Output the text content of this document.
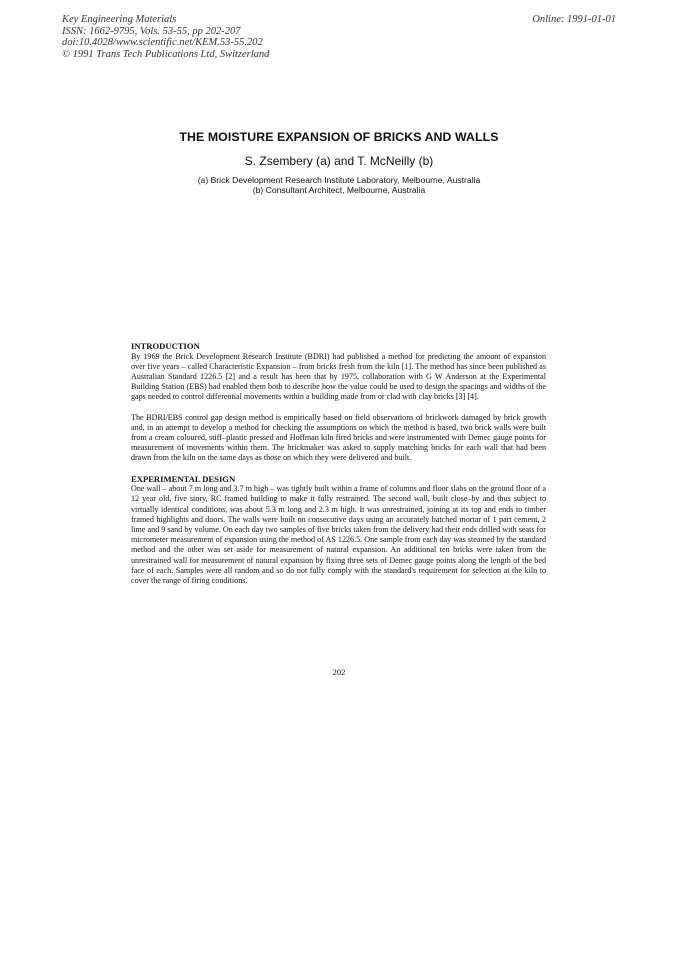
Key Engineering Materials
ISSN: 1662-9795, Vols. 53-55, pp 202-207
doi:10.4028/www.scientific.net/KEM.53-55.202
© 1991 Trans Tech Publications Ltd, Switzerland
Online: 1991-01-01
THE MOISTURE EXPANSION OF BRICKS AND WALLS
S. Zsembery (a) and T. McNeilly (b)
(a) Brick Development Research Institute Laboratory, Melbourne, Australia
(b) Consultant Architect, Melbourne, Australia
INTRODUCTION

By 1969 the Brick Development Research Institute (BDRI) had published a method for predicting the amount of expansion over five years – called Characteristic Expansion – from bricks fresh from the kiln [1]. The method has since been published as Australian Standard 1226.5 [2] and a result has been that by 1975, collaboration with G W Anderson at the Experimental Building Station (EBS) had enabled them both to describe how the value could be used to design the spacings and widths of the gaps needed to control differential movements within a building made from or clad with clay bricks [3] [4].

The BDRI/EBS control gap design method is empirically based on field observations of brickwork damaged by brick growth and, in an attempt to develop a method for checking the assumptions on which the method is based, two brick walls were built from a cream coloured, stiff–plastic pressed and Hoffman kiln fired bricks and were instrumented with Demec gauge points for measurement of movements within them. The brickmaker was asked to supply matching bricks for each wall that had been drawn from the kiln on the same days as those on which they were delivered and built.

EXPERIMENTAL DESIGN

One wall – about 7 m long and 3.7 m high – was tightly built within a frame of columns and floor slabs on the ground floor of a 12 year old, five story, RC framed building to make it fully restrained. The second wall, built close–by and thus subject to virtually identical conditions, was about 5.3 m long and 2.3 m high. It was unrestrained, joining at its top and ends to timber framed highlights and doors. The walls were built on consecutive days using an accurately batched mortar of 1 part cement, 2 lime and 9 sand by volume. On each day two samples of five bricks taken from the delivery had their ends drilled with seats for micrometer measurement of expansion using the method of AS 1226.5. One sample from each day was steamed by the standard method and the other was set aside for measurement of natural expansion. An additional ten bricks were taken from the unrestrained wall for measurement of natural expansion by fixing three sets of Demec gauge points along the length of the bed face of each. Samples were all random and so do not fully comply with the standard's requirement for selection at the kiln to cover the range of firing conditions.

202
